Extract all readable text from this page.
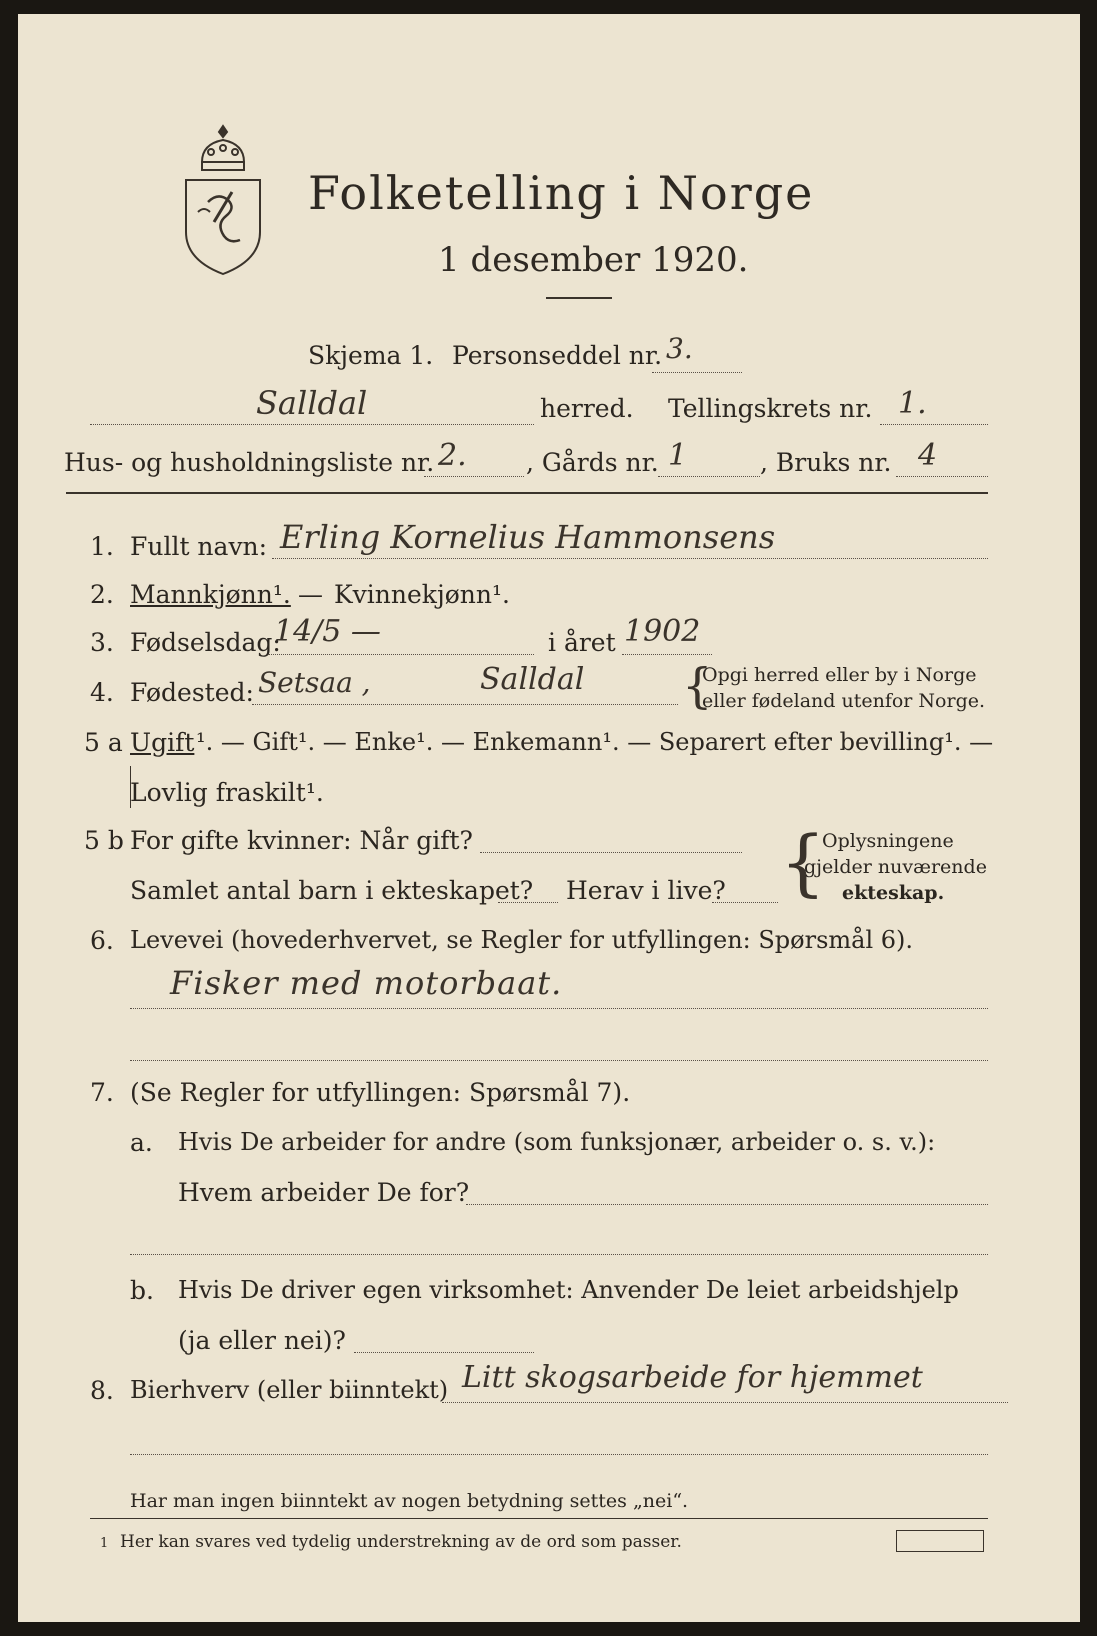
Folketelling i Norge
1 desember 1920.
Skjema 1. Personseddel nr. 3.
Salldal	herred. Tellingskrets nr. 1.
Hus- og husholdningsliste nr. 2. , Gårds nr. 1	, Bruks nr. 4
1. Fullt navn: Erling Kornelius Hammonsens
2. Mannkjønn¹. — Kvinnekjønn¹.
3. Fødselsdag:
14/5 —	i året 1902
4. Fødested: Setsaa ,	Salldal {
Opgi herred eller by i Norge
eller fødeland utenfor Norge.
5 a Ugift ¹. — Gift¹. — Enke¹. — Enkemann¹. — Separert efter bevilling¹. —
Lovlig fraskilt¹.
5 b For gifte kvinner: Når gift?
Samlet antal barn i ekteskapet? Herav i live? {
Oplysningene
gjelder nuværende
ekteskap.
6. Levevei (hovederhvervet, se Regler for utfyllingen: Spørsmål 6).
Fisker med motorbaat.
7. (Se Regler for utfyllingen: Spørsmål 7).
a. Hvis De arbeider for andre (som funksjonær, arbeider o. s. v.):
Hvem arbeider De for?
b. Hvis De driver egen virksomhet: Anvender De leiet arbeidshjelp
(ja eller nei)?
8. Bierhverv (eller biinntekt) Litt skogsarbeide for hjemmet
Har man ingen biinntekt av nogen betydning settes „nei“.
1 Her kan svares ved tydelig understrekning av de ord som passer.
